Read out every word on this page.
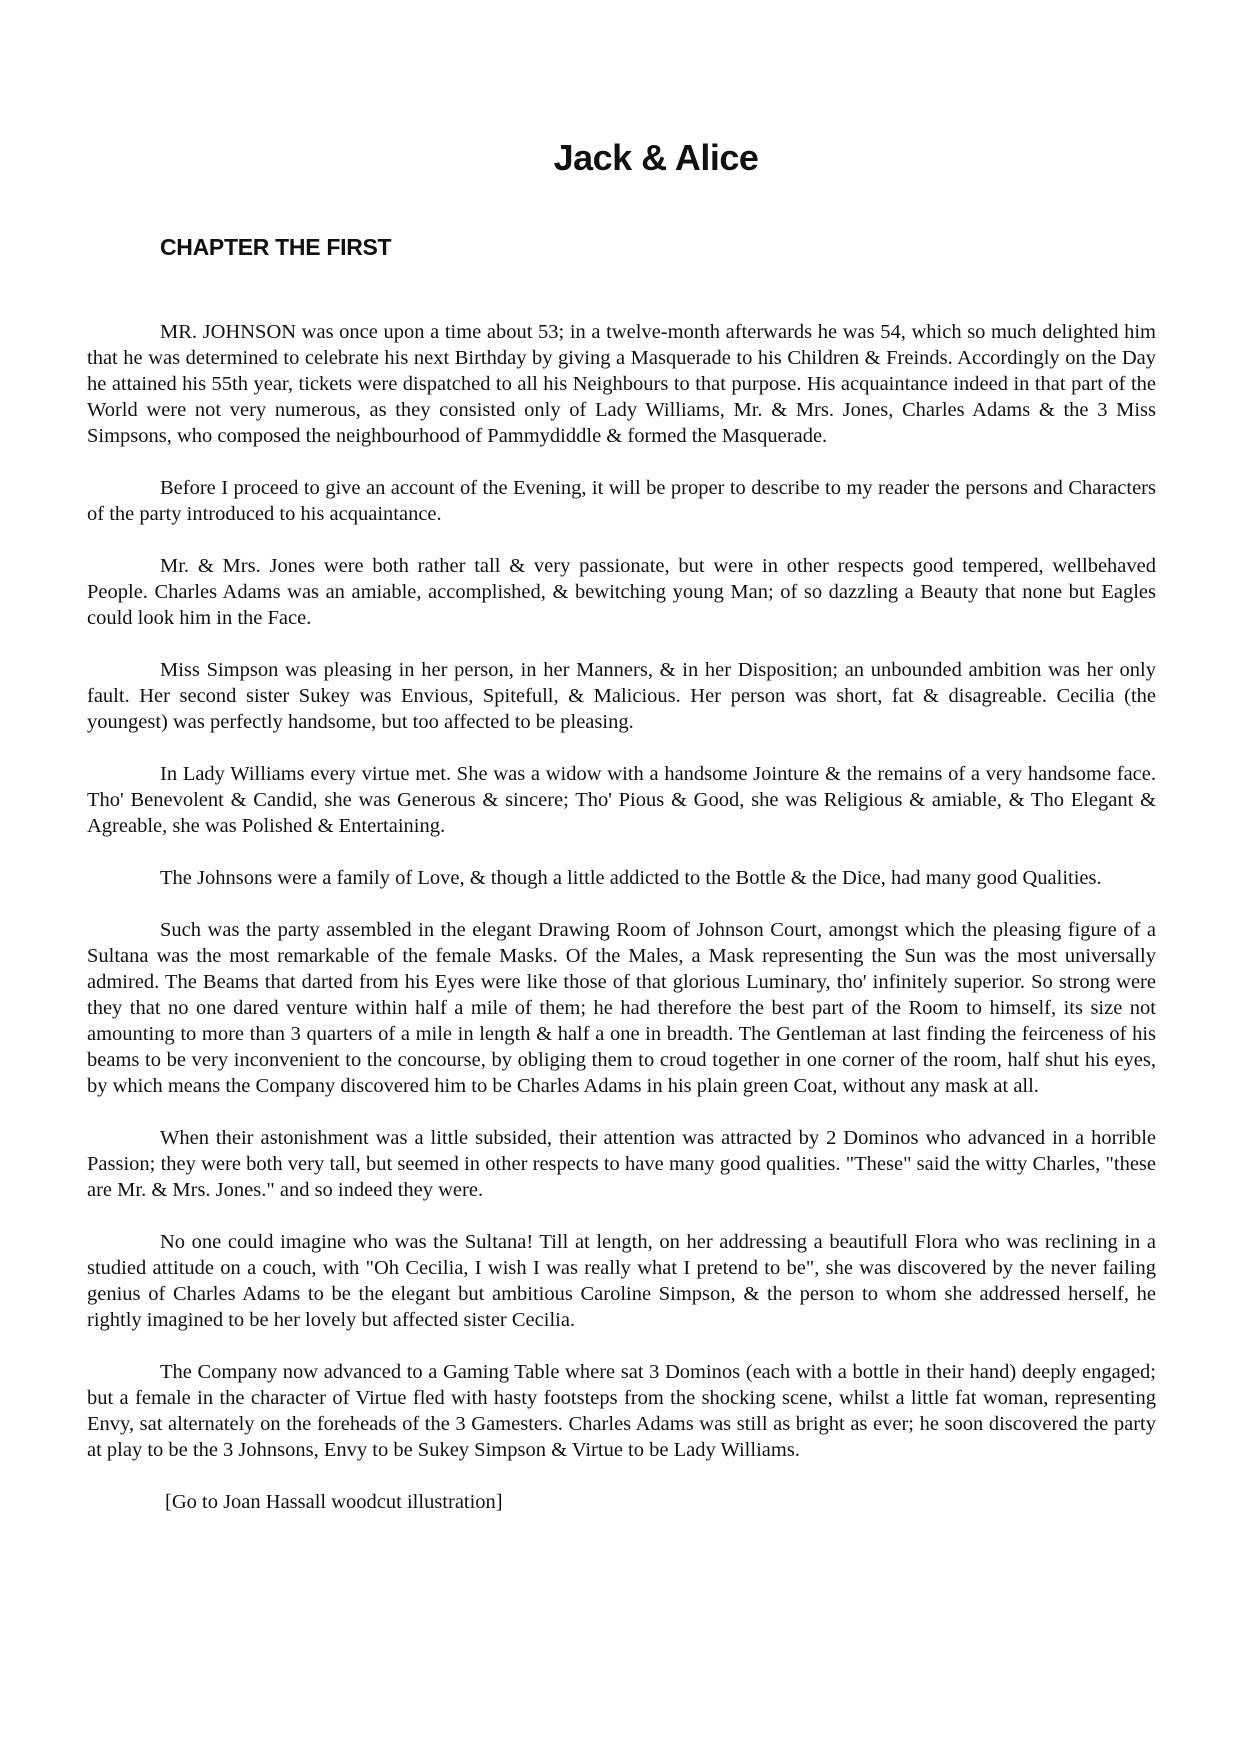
Jack & Alice
CHAPTER THE FIRST

MR. JOHNSON was once upon a time about 53; in a twelve-month afterwards he was 54, which so much delighted him that he was determined to celebrate his next Birthday by giving a Masquerade to his Children & Freinds. Accordingly on the Day he attained his 55th year, tickets were dispatched to all his Neighbours to that purpose. His acquaintance indeed in that part of the World were not very numerous, as they consisted only of Lady Williams, Mr. & Mrs. Jones, Charles Adams & the 3 Miss Simpsons, who composed the neighbourhood of Pammydiddle & formed the Masquerade.

Before I proceed to give an account of the Evening, it will be proper to describe to my reader the persons and Characters of the party introduced to his acquaintance.

Mr. & Mrs. Jones were both rather tall & very passionate, but were in other respects good tempered, wellbehaved People. Charles Adams was an amiable, accomplished, & bewitching young Man; of so dazzling a Beauty that none but Eagles could look him in the Face.

Miss Simpson was pleasing in her person, in her Manners, & in her Disposition; an unbounded ambition was her only fault. Her second sister Sukey was Envious, Spitefull, & Malicious. Her person was short, fat & disagreable. Cecilia (the youngest) was perfectly handsome, but too affected to be pleasing.

In Lady Williams every virtue met. She was a widow with a handsome Jointure & the remains of a very handsome face. Tho' Benevolent & Candid, she was Generous & sincere; Tho' Pious & Good, she was Religious & amiable, & Tho Elegant & Agreable, she was Polished & Entertaining.

The Johnsons were a family of Love, & though a little addicted to the Bottle & the Dice, had many good Qualities.

Such was the party assembled in the elegant Drawing Room of Johnson Court, amongst which the pleasing figure of a Sultana was the most remarkable of the female Masks. Of the Males, a Mask representing the Sun was the most universally admired. The Beams that darted from his Eyes were like those of that glorious Luminary, tho' infinitely superior. So strong were they that no one dared venture within half a mile of them; he had therefore the best part of the Room to himself, its size not amounting to more than 3 quarters of a mile in length & half a one in breadth. The Gentleman at last finding the feirceness of his beams to be very inconvenient to the concourse, by obliging them to croud together in one corner of the room, half shut his eyes, by which means the Company discovered him to be Charles Adams in his plain green Coat, without any mask at all.

When their astonishment was a little subsided, their attention was attracted by 2 Dominos who advanced in a horrible Passion; they were both very tall, but seemed in other respects to have many good qualities. "These" said the witty Charles, "these are Mr. & Mrs. Jones." and so indeed they were.

No one could imagine who was the Sultana! Till at length, on her addressing a beautifull Flora who was reclining in a studied attitude on a couch, with "Oh Cecilia, I wish I was really what I pretend to be", she was discovered by the never failing genius of Charles Adams to be the elegant but ambitious Caroline Simpson, & the person to whom she addressed herself, he rightly imagined to be her lovely but affected sister Cecilia.

The Company now advanced to a Gaming Table where sat 3 Dominos (each with a bottle in their hand) deeply engaged; but a female in the character of Virtue fled with hasty footsteps from the shocking scene, whilst a little fat woman, representing Envy, sat alternately on the foreheads of the 3 Gamesters. Charles Adams was still as bright as ever; he soon discovered the party at play to be the 3 Johnsons, Envy to be Sukey Simpson & Virtue to be Lady Williams.

[Go to Joan Hassall woodcut illustration]
